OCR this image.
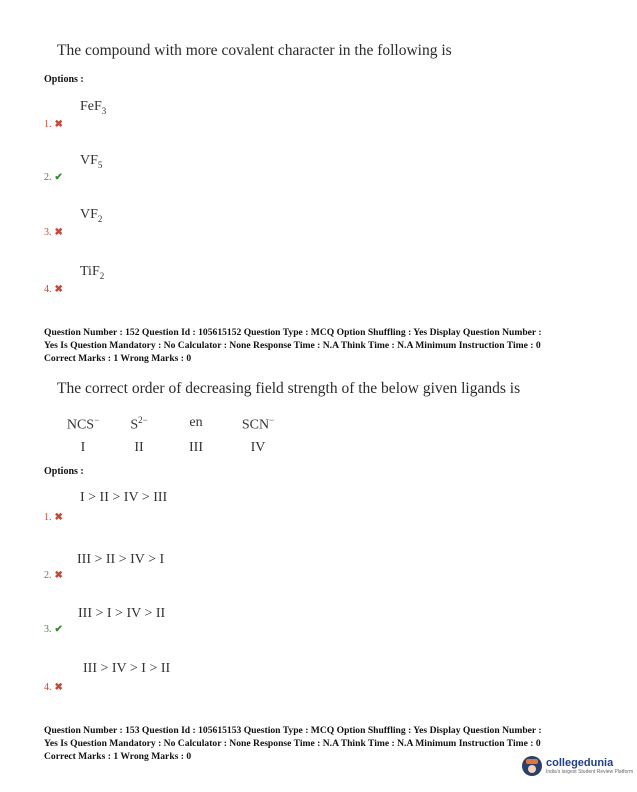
The compound with more covalent character in the following is
Options :
FeF$_3$
1. ✖
$VF_5$
2. ✔
$VF_2$
3. ✖
TiF$_2$
4. ✖
Question Number : 152 Question Id : 105615152 Question Type : MCQ Option Shuffling : Yes Display Question Number :
Yes Is Question Mandatory : No Calculator : None Response Time : N.A Think Time : N.A Minimum Instruction Time : 0
Correct Marks : 1 Wrong Marks : 0
The correct order of decreasing field strength of the below given ligands is
NCS−
I
$S^{2-}$
II
en
III
SCN−
IV
Options :
I > II > IV > III
1. ✖
III > II > IV > I
2. ✖
III > I > IV > II
3. ✔
III > IV > I > II
4. ✖
Question Number : 153 Question Id : 105615153 Question Type : MCQ Option Shuffling : Yes Display Question Number :
Yes Is Question Mandatory : No Calculator : None Response Time : N.A Think Time : N.A Minimum Instruction Time : 0
Correct Marks : 1 Wrong Marks : 0
collegedunia
India's largest Student Review Platform
